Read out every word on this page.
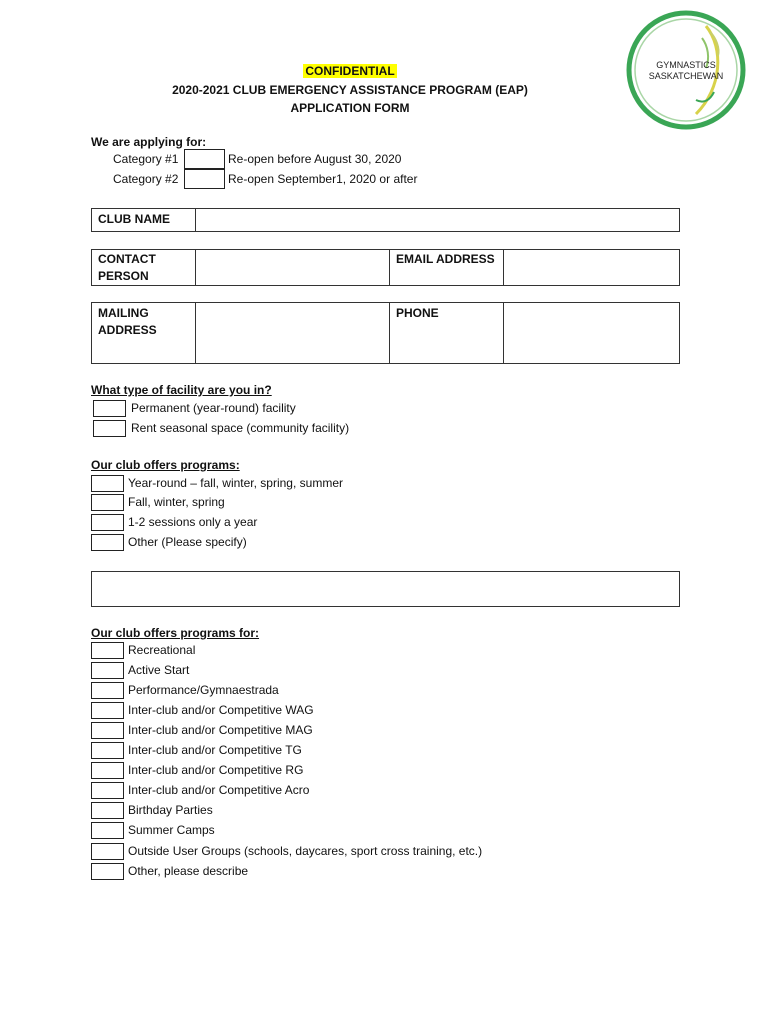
GYMNASTICS
SASKATCHEWAN
CONFIDENTIAL
2020-2021 CLUB EMERGENCY ASSISTANCE PROGRAM (EAP)
APPLICATION FORM
We are applying for:
Category #1	Re-open before August 30, 2020
Category #2	Re-open September1, 2020 or after
CLUB NAME
CONTACT PERSON
EMAIL ADDRESS
MAILING ADDRESS
PHONE
What type of facility are you in?
Permanent (year-round) facility
Rent seasonal space (community facility)
Our club offers programs:
Year-round – fall, winter, spring, summer
Fall, winter, spring
1-2 sessions only a year
Other (Please specify)
Our club offers programs for:
Recreational
Active Start
Performance/Gymnaestrada
Inter-club and/or Competitive WAG
Inter-club and/or Competitive MAG
Inter-club and/or Competitive TG
Inter-club and/or Competitive RG
Inter-club and/or Competitive Acro
Birthday Parties
Summer Camps
Outside User Groups (schools, daycares, sport cross training, etc.)
Other, please describe
